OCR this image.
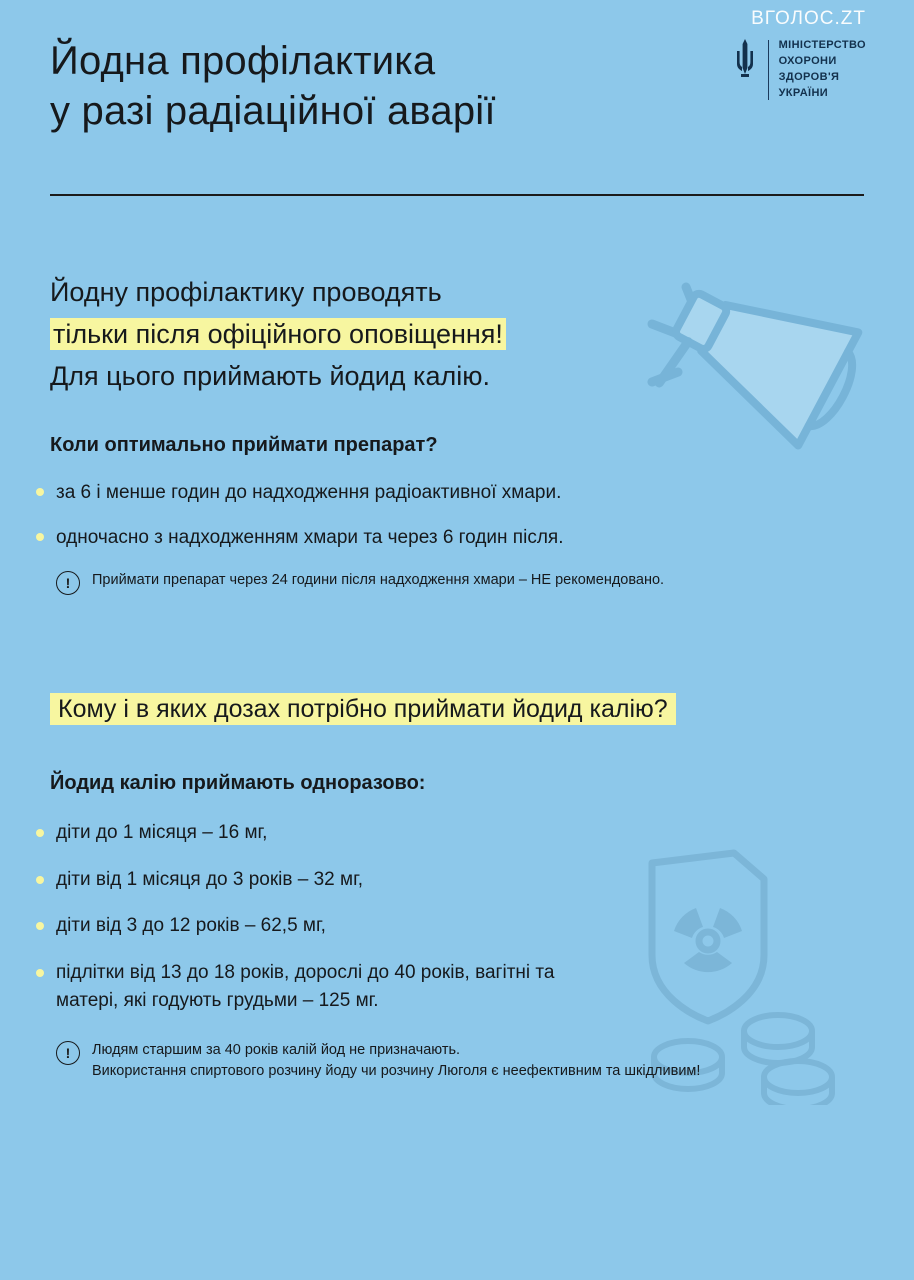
ВГОЛОС.ZT
МІНІСТЕРСТВО
ОХОРОНИ
ЗДОРОВ'Я
УКРАЇНИ
Йодна профілактика
у разі радіаційної аварії
Йодну профілактику проводять
тільки після офіційного оповіщення!
Для цього приймають йодид калію.
Коли оптимально приймати препарат?
за 6 і менше годин до надходження радіоактивної хмари.
одночасно з надходженням хмари та через 6 годин після.
!	Приймати препарат через 24 години після надходження хмари – НЕ рекомендовано.
Кому і в яких дозах потрібно приймати йодид калію?
Йодид калію приймають одноразово:
діти до 1 місяця – 16 мг,
діти від 1 місяця до 3 років – 32 мг,
діти від 3 до 12 років – 62,5 мг,
підлітки від 13 до 18 років, дорослі до 40 років, вагітні та матері, які годують грудьми – 125 мг.
!	Людям старшим за 40 років калій йод не призначають.
Використання спиртового розчину йоду чи розчину Люголя є неефективним та шкідливим!
